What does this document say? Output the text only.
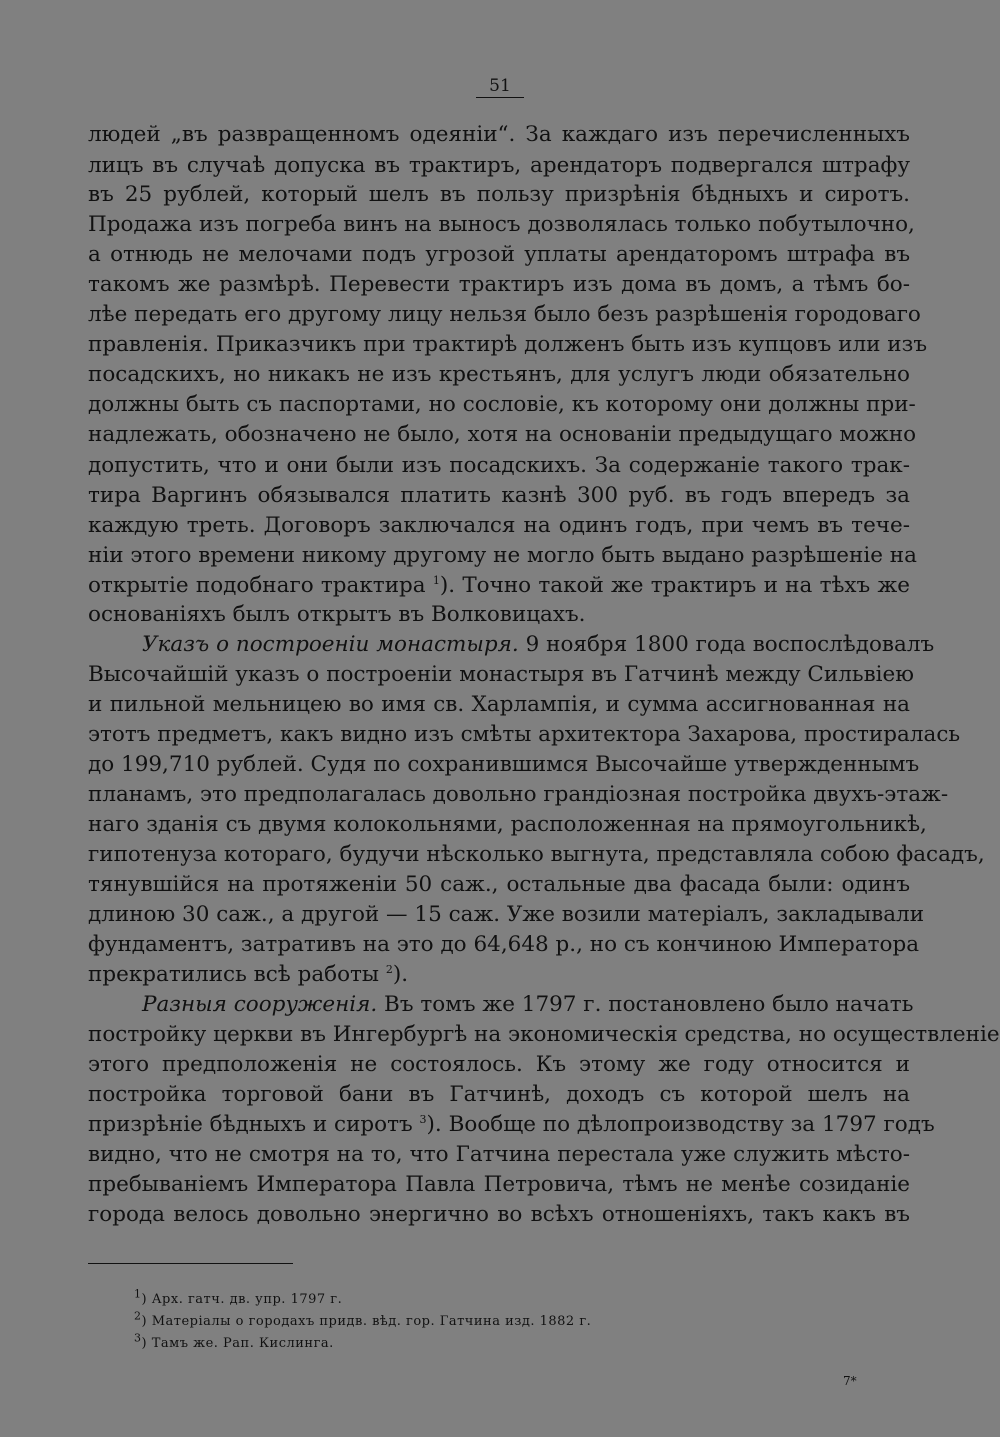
51
людей „въ развращенномъ одеяніи“. За каждаго изъ перечисленныхъ
лицъ въ случаѣ допуска въ трактиръ, арендаторъ подвергался штрафу
въ 25 рублей, который шелъ въ пользу призрѣнія бѣдныхъ и сиротъ.
Продажа изъ погреба винъ на выносъ дозволялась только побутылочно,
а отнюдь не мелочами подъ угрозой уплаты арендаторомъ штрафа въ
такомъ же размѣрѣ. Перевести трактиръ изъ дома въ домъ, а тѣмъ бо-
лѣе передать его другому лицу нельзя было безъ разрѣшенія городоваго
правленія. Приказчикъ при трактирѣ долженъ быть изъ купцовъ или изъ
посадскихъ, но никакъ не изъ крестьянъ, для услугъ люди обязательно
должны быть съ паспортами, но сословіе, къ которому они должны при-
надлежать, обозначено не было, хотя на основаніи предыдущаго можно
допустить, что и они были изъ посадскихъ. За содержаніе такого трак-
тира Варгинъ обязывался платить казнѣ 300 руб. въ годъ впередъ за
каждую треть. Договоръ заключался на одинъ годъ, при чемъ въ тече-
ніи этого времени никому другому не могло быть выдано разрѣшеніе на
открытіе подобнаго трактира $^1$). Точно такой же трактиръ и на тѣхъ же
основаніяхъ былъ открытъ въ Волковицахъ.
Указъ о построеніи монастыря. 9 ноября 1800 года воспослѣдовалъ
Высочайшій указъ о построеніи монастыря въ Гатчинѣ между Сильвіею
и пильной мельницею во имя св. Харлампія, и сумма ассигнованная на
этотъ предметъ, какъ видно изъ смѣты архитектора Захарова, простиралась
до 199,710 рублей. Судя по сохранившимся Высочайше утвержденнымъ
планамъ, это предполагалась довольно грандіозная постройка двухъ-этаж-
наго зданія съ двумя колокольнями, расположенная на прямоугольникѣ,
гипотенуза котораго, будучи нѣсколько выгнута, представляла собою фасадъ,
тянувшійся на протяженіи 50 саж., остальные два фасада были: одинъ
длиною 30 саж., а другой — 15 саж. Уже возили матеріалъ, закладывали
фундаментъ, затративъ на это до 64,648 р., но съ кончиною Императора
прекратились всѣ работы $^2$).
Разныя сооруженія. Въ томъ же 1797 г. постановлено было начать
постройку церкви въ Ингербургѣ на экономическія средства, но осуществленіе
этого предположенія не состоялось. Къ этому же году относится и
постройка торговой бани въ Гатчинѣ, доходъ съ которой шелъ на
призрѣніе бѣдныхъ и сиротъ $^3$). Вообще по дѣлопроизводству за 1797 годъ
видно, что не смотря на то, что Гатчина перестала уже служить мѣсто-
пребываніемъ Императора Павла Петровича, тѣмъ не менѣе созиданіе
города велось довольно энергично во всѣхъ отношеніяхъ, такъ какъ въ
$^1$) Арх. гатч. дв. упр. 1797 г.
$^2$) Матеріалы о городахъ придв. вѣд. гор. Гатчина изд. 1882 г.
$^3$) Тамъ же. Рап. Кислинга.
7*
